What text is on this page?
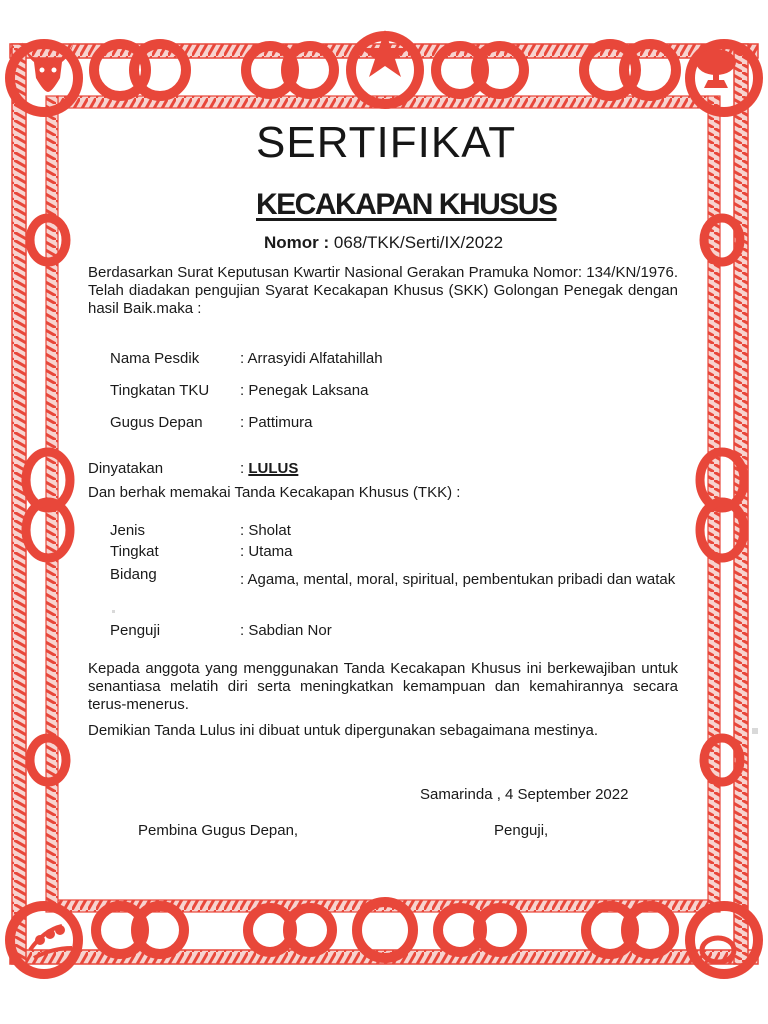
SERTIFIKAT
KECAKAPAN KHUSUS
Nomor : 068/TKK/Serti/IX/2022
Berdasarkan Surat Keputusan Kwartir Nasional Gerakan Pramuka Nomor: 134/KN/1976. Telah diadakan pengujian Syarat Kecakapan Khusus (SKK) Golongan Penegak dengan hasil Baik.maka :
Nama Pesdik	: Arrasyidi Alfatahillah
Tingkatan TKU : Penegak Laksana
Gugus Depan : Pattimura
Dinyatakan	: LULUS
Dan berhak memakai Tanda Kecakapan Khusus (TKK) :
Jenis	: Sholat
Tingkat	: Utama
Bidang	: Agama, mental, moral, spiritual, pembentukan pribadi dan watak
Penguji	: Sabdian Nor
Kepada anggota yang menggunakan Tanda Kecakapan Khusus ini berkewajiban untuk senantiasa melatih diri serta meningkatkan kemampuan dan kemahirannya secara terus-menerus.
Demikian Tanda Lulus ini dibuat untuk dipergunakan sebagaimana mestinya.
Samarinda , 4 September 2022
Pembina Gugus Depan,	Penguji,
